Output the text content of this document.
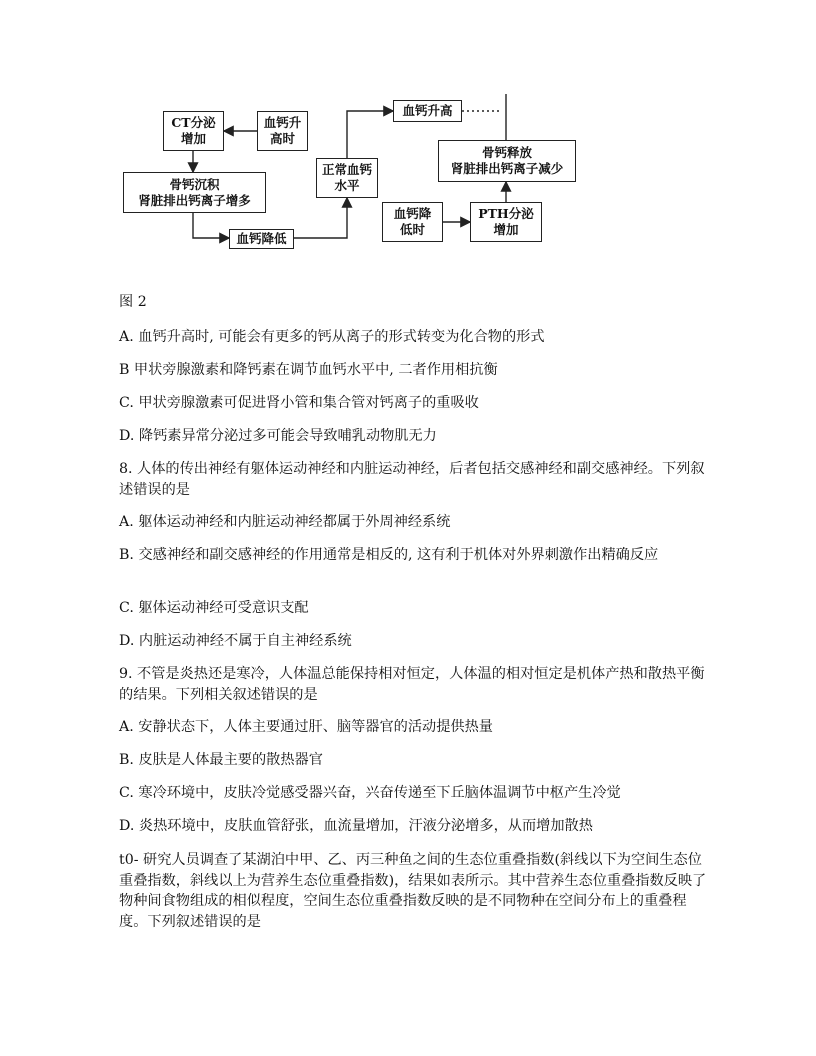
CT分泌
增加
血钙升
高时
骨钙沉积
肾脏排出钙离子增多
血钙降低
正常血钙
水平
血钙升高
骨钙释放
肾脏排出钙离子减少
血钙降
低时
PTH分泌
增加
图 2
A. 血钙升高时, 可能会有更多的钙从离子的形式转变为化合物的形式
B 甲状旁腺激素和降钙素在调节血钙水平中, 二者作用相抗衡
C. 甲状旁腺激素可促进肾小管和集合管对钙离子的重吸收
D. 降钙素异常分泌过多可能会导致哺乳动物肌无力
8. 人体的传出神经有躯体运动神经和内脏运动神经，后者包括交感神经和副交感神经。下列叙述错误的是
A. 躯体运动神经和内脏运动神经都属于外周神经系统
B. 交感神经和副交感神经的作用通常是相反的, 这有利于机体对外界刺激作出精确反应
C. 躯体运动神经可受意识支配
D. 内脏运动神经不属于自主神经系统
9. 不管是炎热还是寒冷，人体温总能保持相对恒定，人体温的相对恒定是机体产热和散热平衡的结果。下列相关叙述错误的是
A. 安静状态下，人体主要通过肝、脑等器官的活动提供热量
B. 皮肤是人体最主要的散热器官
C. 寒冷环境中，皮肤冷觉感受器兴奋，兴奋传递至下丘脑体温调节中枢产生冷觉
D. 炎热环境中，皮肤血管舒张，血流量增加，汗液分泌增多，从而增加散热
t0- 研究人员调查了某湖泊中甲、乙、丙三种鱼之间的生态位重叠指数(斜线以下为空间生态位重叠指数，斜线以上为营养生态位重叠指数)，结果如表所示。其中营养生态位重叠指数反映了物种间食物组成的相似程度，空间生态位重叠指数反映的是不同物种在空间分布上的重叠程度。下列叙述错误的是
